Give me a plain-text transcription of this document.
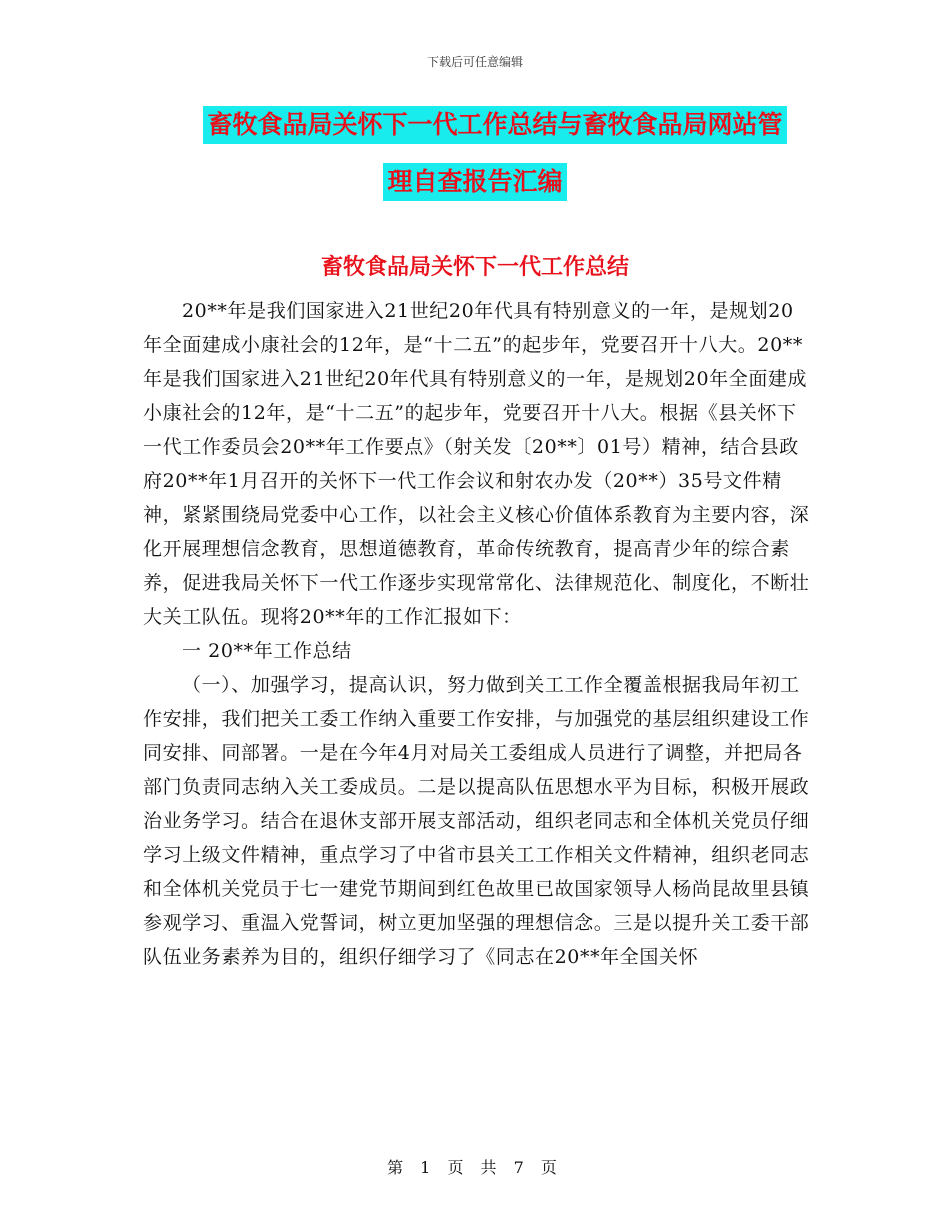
下载后可任意编辑
畜牧食品局关怀下一代工作总结与畜牧食品局网站管
理自查报告汇编
畜牧食品局关怀下一代工作总结

20**年是我们国家进入21世纪20年代具有特别意义的一年，是规划20年全面建成小康社会的12年，是“十二五”的起步年，党要召开十八大。20**年是我们国家进入21世纪20年代具有特别意义的一年，是规划20年全面建成小康社会的12年，是“十二五”的起步年，党要召开十八大。根据《县关怀下一代工作委员会20**年工作要点》（射关发〔20**〕01号）精神，结合县政府20**年1月召开的关怀下一代工作会议和射农办发（20**）35号文件精神，紧紧围绕局党委中心工作，以社会主义核心价值体系教育为主要内容，深化开展理想信念教育，思想道德教育，革命传统教育，提高青少年的综合素养，促进我局关怀下一代工作逐步实现常常化、法律规范化、制度化，不断壮大关工队伍。现将20**年的工作汇报如下：

一 20**年工作总结

（一）、加强学习，提高认识，努力做到关工工作全覆盖根据我局年初工作安排，我们把关工委工作纳入重要工作安排，与加强党的基层组织建设工作同安排、同部署。一是在今年4月对局关工委组成人员进行了调整，并把局各部门负责同志纳入关工委成员。二是以提高队伍思想水平为目标，积极开展政治业务学习。结合在退休支部开展支部活动，组织老同志和全体机关党员仔细学习上级文件精神，重点学习了中省市县关工工作相关文件精神，组织老同志和全体机关党员于七一建党节期间到红色故里已故国家领导人杨尚昆故里县镇参观学习、重温入党誓词，树立更加坚强的理想信念。三是以提升关工委干部队伍业务素养为目的，组织仔细学习了《同志在20**年全国关怀

第 1 页 共 7 页
